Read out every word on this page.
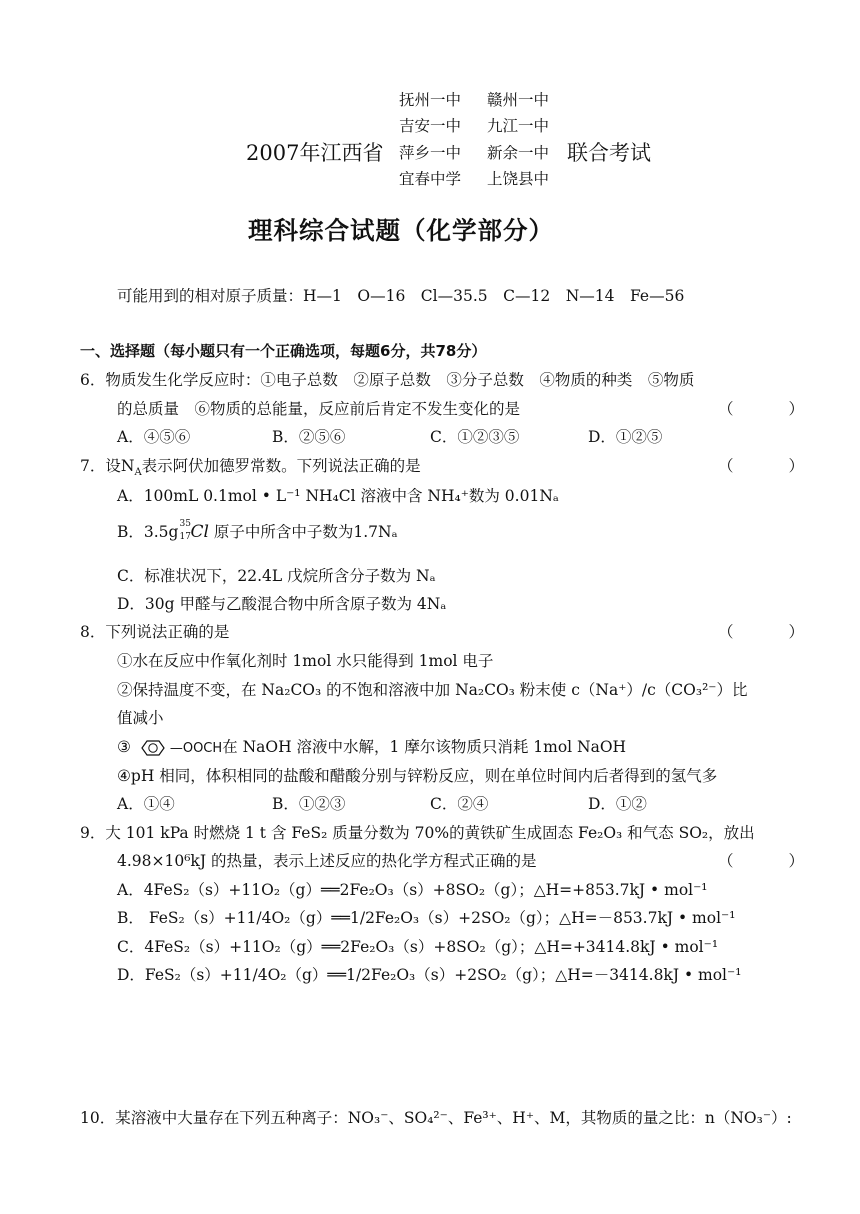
抚州一中 赣州一中
吉安一中 九江一中
2007年江西省 萍乡一中 新余一中 联合考试
宜春中学 上饶县中
理科综合试题（化学部分）
可能用到的相对原子质量：H—1　O—16　Cl—35.5　C—12　N—14　Fe—56
一、选择题（每小题只有一个正确选项，每题6分，共78分）
6．物质发生化学反应时：①电子总数　②原子总数　③分子总数　④物质的种类　⑤物质
的总质量　⑥物质的总能量，反应前后肯定不发生变化的是	（　　）
A．④⑤⑥	B．②⑤⑥	C．①②③⑤	D．①②⑤
7．设$N_A$表示阿伏加德罗常数。下列说法正确的是	（　　）
A．100mL 0.1mol • L⁻¹ NH₄Cl 溶液中含 NH₄⁺数为 0.01Nₐ
B．3.5g 35
17 Cl 原子中所含中子数为1.7Nₐ
C．标准状况下，22.4L 戊烷所含分子数为 Nₐ
D．30g 甲醛与乙酸混合物中所含原子数为 4Nₐ
8．下列说法正确的是	（　　）
①水在反应中作氧化剂时 1mol 水只能得到 1mol 电子
②保持温度不变，在 Na₂CO₃ 的不饱和溶液中加 Na₂CO₃ 粉末使 c（Na⁺）/c（CO₃²⁻）比
值减小
③	—OOCH在 NaOH 溶液中水解，1 摩尔该物质只消耗 1mol NaOH
④pH 相同，体积相同的盐酸和醋酸分别与锌粉反应，则在单位时间内后者得到的氢气多
A．①④	B．①②③	C．②④	D．①②
9．大 101 kPa 时燃烧 1 t 含 FeS₂ 质量分数为 70%的黄铁矿生成固态 Fe₂O₃ 和气态 SO₂，放出
4.98×10⁶kJ 的热量，表示上述反应的热化学方程式正确的是	（　　）
A．4FeS₂（s）+11O₂（g）══2Fe₂O₃（s）+8SO₂（g）；△H=+853.7kJ • mol⁻¹
B． FeS₂（s）+11/4O₂（g）══1/2Fe₂O₃（s）+2SO₂（g）；△H=－853.7kJ • mol⁻¹
C．4FeS₂（s）+11O₂（g）══2Fe₂O₃（s）+8SO₂（g）；△H=+3414.8kJ • mol⁻¹
D．FeS₂（s）+11/4O₂（g）══1/2Fe₂O₃（s）+2SO₂（g）；△H=－3414.8kJ • mol⁻¹
10．某溶液中大量存在下列五种离子：NO₃⁻、SO₄²⁻、Fe³⁺、H⁺、M，其物质的量之比：n（NO₃⁻）:
